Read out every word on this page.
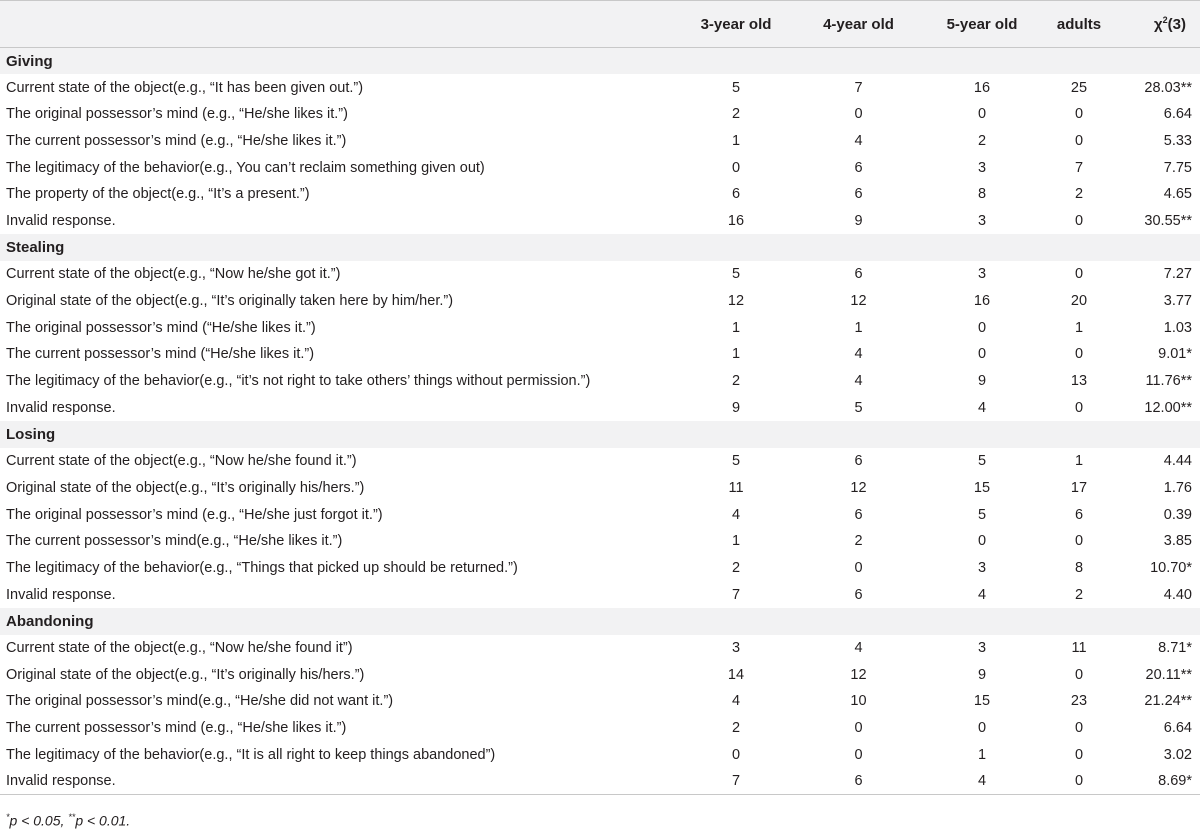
	3-year old	4-year old	5-year old	adults	$\chi^2(3)$
Giving					
Current state of the object(e.g., “It has been given out.”)	5	7	16	25	28.03**
The original possessor’s mind (e.g., “He/she likes it.”)	2	0	0	0	6.64
The current possessor’s mind (e.g., “He/she likes it.”)	1	4	2	0	5.33
The legitimacy of the behavior(e.g., You can’t reclaim something given out)	0	6	3	7	7.75
The property of the object(e.g., “It’s a present.”)	6	6	8	2	4.65
Invalid response.	16	9	3	0	30.55**
Stealing					
Current state of the object(e.g., “Now he/she got it.”)	5	6	3	0	7.27
Original state of the object(e.g., “It’s originally taken here by him/her.”)	12	12	16	20	3.77
The original possessor’s mind (“He/she likes it.”)	1	1	0	1	1.03
The current possessor’s mind (“He/she likes it.”)	1	4	0	0	9.01*
The legitimacy of the behavior(e.g., “it’s not right to take others’ things without permission.”)	2	4	9	13	11.76**
Invalid response.	9	5	4	0	12.00**
Losing					
Current state of the object(e.g., “Now he/she found it.”)	5	6	5	1	4.44
Original state of the object(e.g., “It’s originally his/hers.”)	11	12	15	17	1.76
The original possessor’s mind (e.g., “He/she just forgot it.”)	4	6	5	6	0.39
The current possessor’s mind(e.g., “He/she likes it.”)	1	2	0	0	3.85
The legitimacy of the behavior(e.g., “Things that picked up should be returned.”)	2	0	3	8	10.70*
Invalid response.	7	6	4	2	4.40
Abandoning					
Current state of the object(e.g., “Now he/she found it”)	3	4	3	11	8.71*
Original state of the object(e.g., “It’s originally his/hers.”)	14	12	9	0	20.11**
The original possessor’s mind(e.g., “He/she did not want it.”)	4	10	15	23	21.24**
The current possessor’s mind (e.g., “He/she likes it.”)	2	0	0	0	6.64
The legitimacy of the behavior(e.g., “It is all right to keep things abandoned”)	0	0	1	0	3.02
Invalid response.	7	6	4	0	8.69*
*p < 0.05, **p < 0.01.
